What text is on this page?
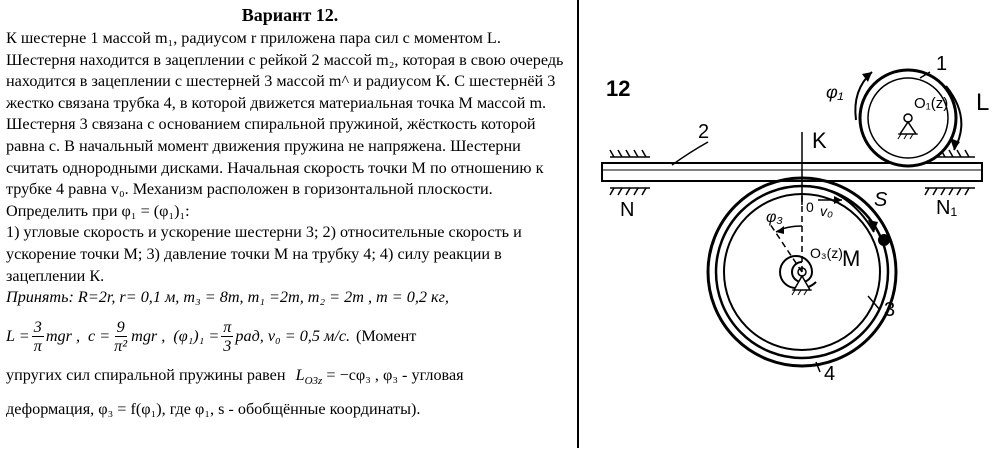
Вариант 12.

К шестерне 1 массой m₁, радиусом r приложена пара сил с моментом L. Шестерня находится в зацеплении с рейкой 2 массой m₂, которая в свою очередь находится в зацеплении с шестерней 3 массой m^ и радиусом К. С шестернёй 3 жестко связана трубка 4, в которой движется материальная точка М массой m. Шестерня 3 связана с основанием спиральной пружиной, жёсткость которой равна c. В начальный момент движения пружина не напряжена. Шестерни считать однородными дисками. Начальная скорость точки М по отношению к трубке 4 равна v₀. Механизм расположен в горизонтальной плоскости. Определить при φ₁ = (φ₁)₁:

1) угловые скорость и ускорение шестерни 3; 2) относительные скорость и ускорение точки М; 3) давление точки М на трубку 4; 4) силу реакции в зацеплении К.

Принять: R=2r, r= 0,1 м, m₃ = 8m, m₁ =2m, m₂ = 2m , m = 0,2 кг,

$L = \frac{3}{\pi}$ mgr , $c = \frac{9}{\text{π²}}$ mgr , $(\varphi_1)_1 = \frac{\pi}{3}$ рад, v₀ = 0,5 м/с. (Момент

упругих сил спиральной пружины равен $L_{O3z} = -c\varphi_3$ , φ₃ - угловая

деформация, φ₃ = f(φ₁), где φ₁, s - обобщённые координаты).

12
2
O₁(z)
1
φ₁	L
K
N	N₁
O₃(z) M
φ₃
0 v₀ S
3
4
